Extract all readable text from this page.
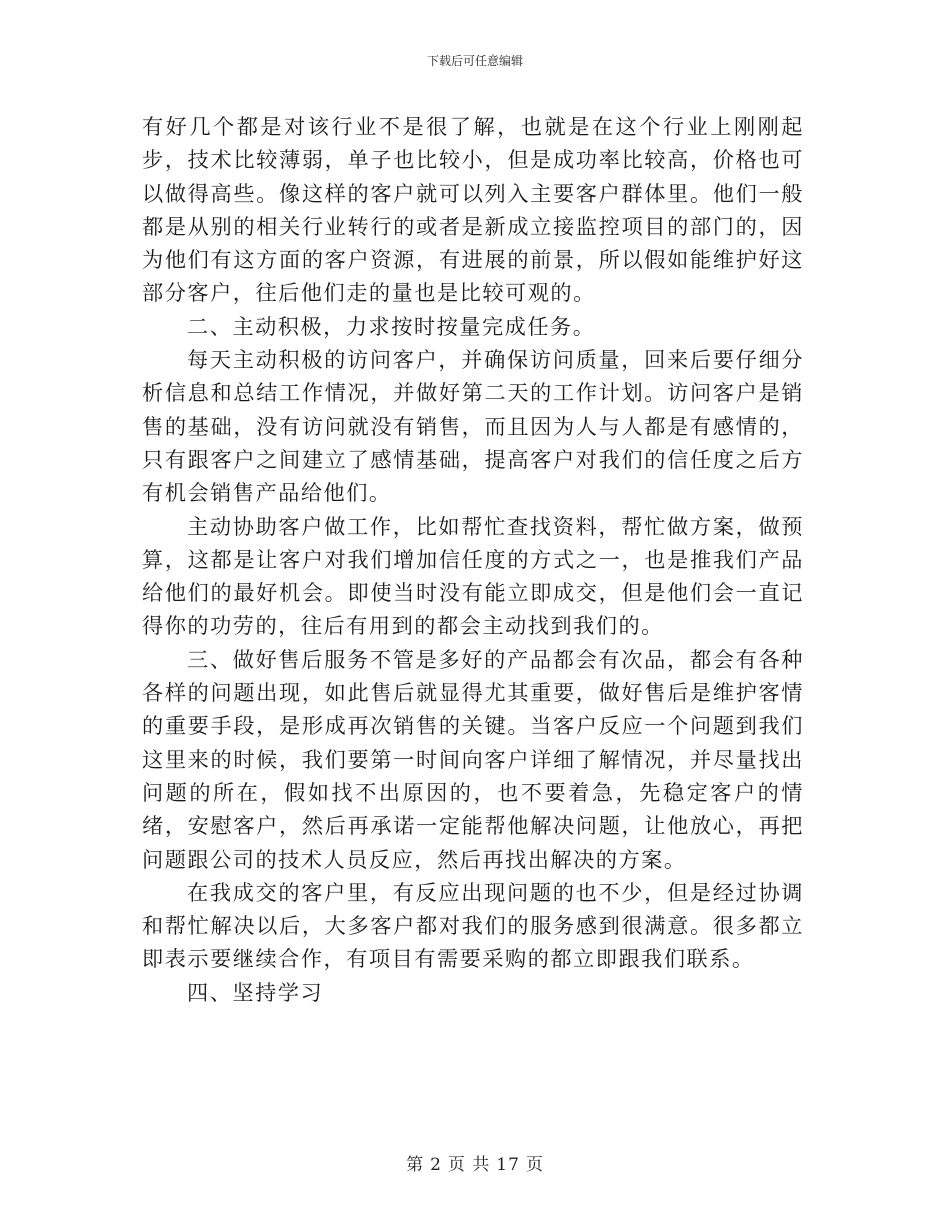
下载后可任意编辑

有好几个都是对该行业不是很了解，也就是在这个行业上刚刚起步，技术比较薄弱，单子也比较小，但是成功率比较高，价格也可以做得高些。像这样的客户就可以列入主要客户群体里。他们一般都是从别的相关行业转行的或者是新成立接监控项目的部门的，因为他们有这方面的客户资源，有进展的前景，所以假如能维护好这部分客户，往后他们走的量也是比较可观的。

二、主动积极，力求按时按量完成任务。

每天主动积极的访问客户，并确保访问质量，回来后要仔细分析信息和总结工作情况，并做好第二天的工作计划。访问客户是销售的基础，没有访问就没有销售，而且因为人与人都是有感情的，只有跟客户之间建立了感情基础，提高客户对我们的信任度之后方有机会销售产品给他们。

主动协助客户做工作，比如帮忙查找资料，帮忙做方案，做预算，这都是让客户对我们增加信任度的方式之一，也是推我们产品给他们的最好机会。即使当时没有能立即成交，但是他们会一直记得你的功劳的，往后有用到的都会主动找到我们的。

三、做好售后服务不管是多好的产品都会有次品，都会有各种各样的问题出现，如此售后就显得尤其重要，做好售后是维护客情的重要手段，是形成再次销售的关键。当客户反应一个问题到我们这里来的时候，我们要第一时间向客户详细了解情况，并尽量找出问题的所在，假如找不出原因的，也不要着急，先稳定客户的情绪，安慰客户，然后再承诺一定能帮他解决问题，让他放心，再把问题跟公司的技术人员反应，然后再找出解决的方案。

在我成交的客户里，有反应出现问题的也不少，但是经过协调和帮忙解决以后，大多客户都对我们的服务感到很满意。很多都立即表示要继续合作，有项目有需要采购的都立即跟我们联系。

四、坚持学习

第 2 页 共 17 页
